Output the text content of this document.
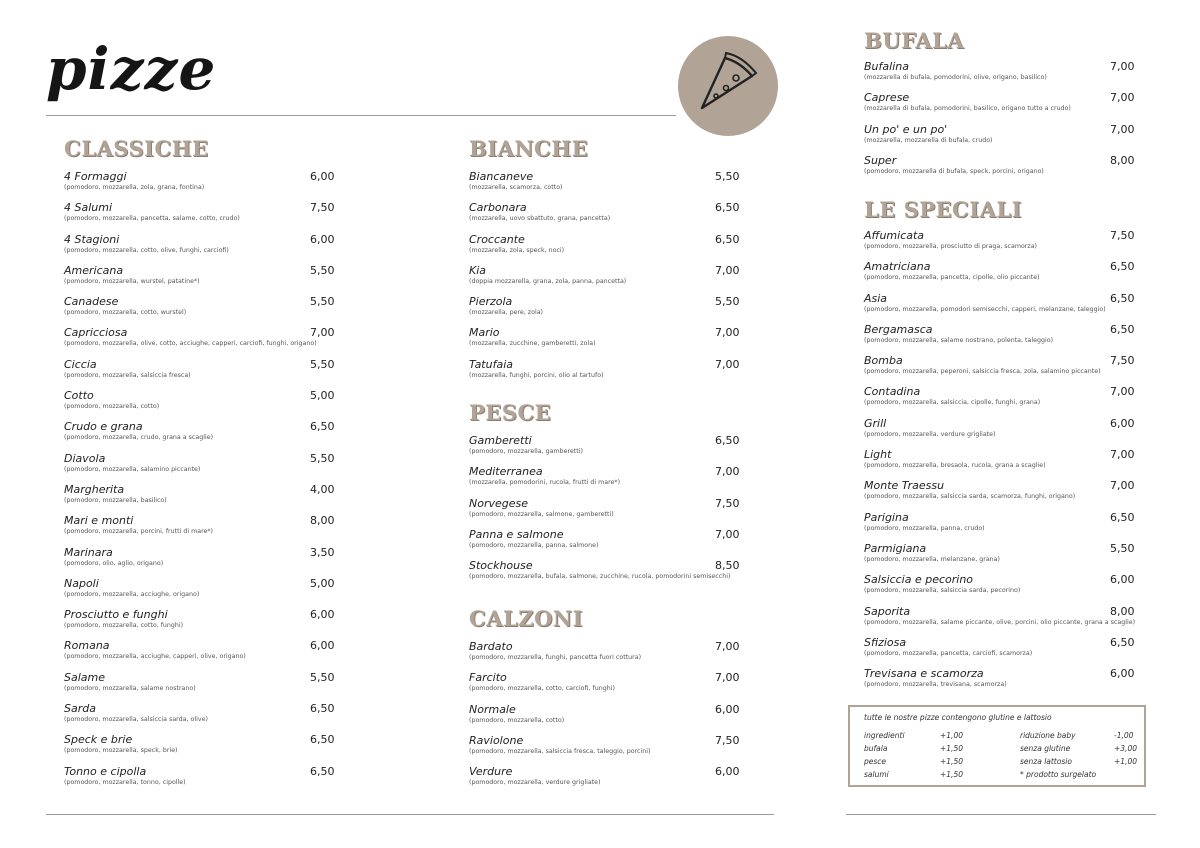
pizze
CLASSICHE
4 Formaggi
(pomodoro, mozzarella, zola, grana, fontina)
6,00
4 Salumi
(pomodoro, mozzarella, pancetta, salame, cotto, crudo)
7,50
4 Stagioni
(pomodoro, mozzarella, cotto, olive, funghi, carciofi)
6,00
Americana
(pomodoro, mozzarella, wurstel, patatine*)
5,50
Canadese
(pomodoro, mozzarella, cotto, wurstel)
5,50
Capricciosa
(pomodoro, mozzarella, olive, cotto, acciughe, capperi, carciofi, funghi, origano)
7,00
Ciccia
(pomodoro, mozzarella, salsiccia fresca)
5,50
Cotto
(pomodoro, mozzarella, cotto)
5,00
Crudo e grana
(pomodoro, mozzarella, crudo, grana a scaglie)
6,50
Diavola
(pomodoro, mozzarella, salamino piccante)
5,50
Margherita
(pomodoro, mozzarella, basilico)
4,00
Mari e monti
(pomodoro, mozzarella, porcini, frutti di mare*)
8,00
Marinara
(pomodoro, olio, aglio, origano)
3,50
Napoli
(pomodoro, mozzarella, acciughe, origano)
5,00
Prosciutto e funghi
(pomodoro, mozzarella, cotto, funghi)
6,00
Romana
(pomodoro, mozzarella, acciughe, capperi, olive, origano)
6,00
Salame
(pomodoro, mozzarella, salame nostrano)
5,50
Sarda
(pomodoro, mozzarella, salsiccia sarda, olive)
6,50
Speck e brie
(pomodoro, mozzarella, speck, brie)
6,50
Tonno e cipolla
(pomodoro, mozzarella, tonno, cipolle)
6,50
BIANCHE
Biancaneve
(mozzarella, scamorza, cotto)
5,50
Carbonara
(mozzarella, uovo sbattuto, grana, pancetta)
6,50
Croccante
(mozzarella, zola, speck, noci)
6,50
Kia
(doppia mozzarella, grana, zola, panna, pancetta)
7,00
Pierzola
(mozzarella, pere, zola)
5,50
Mario
(mozzarella, zucchine, gamberetti, zola)
7,00
Tatufaia
(mozzarella, funghi, porcini, olio al tartufo)
7,00
PESCE
Gamberetti
(pomodoro, mozzarella, gamberetti)
6,50
Mediterranea
(mozzarella, pomodorini, rucola, frutti di mare*)
7,00
Norvegese
(pomodoro, mozzarella, salmone, gamberetti)
7,50
Panna e salmone
(pomodoro, mozzarella, panna, salmone)
7,00
Stockhouse
(pomodoro, mozzarella, bufala, salmone, zucchine, rucola, pomodorini semisecchi)
8,50
CALZONI
Bardato
(pomodoro, mozzarella, funghi, pancetta fuori cottura)
7,00
Farcito
(pomodoro, mozzarella, cotto, carciofi, funghi)
7,00
Normale
(pomodoro, mozzarella, cotto)
6,00
Raviolone
(pomodoro, mozzarella, salsiccia fresca, taleggio, porcini)
7,50
Verdure
(pomodoro, mozzarella, verdure grigliate)
6,00
BUFALA
Bufalina
(mozzarella di bufala, pomodorini, olive, origano, basilico)
7,00
Caprese
(mozzarella di bufala, pomodorini, basilico, origano tutto a crudo)
7,00
Un po' e un po'
(mozzarella, mozzarella di bufala, crudo)
7,00
Super
(pomodoro, mozzarella di bufala, speck, porcini, origano)
8,00
LE SPECIALI
Affumicata
(pomodoro, mozzarella, prosciutto di praga, scamorza)
7,50
Amatriciana
(pomodoro, mozzarella, pancetta, cipolle, olio piccante)
6,50
Asia
(pomodoro, mozzarella, pomodori semisecchi, capperi, melanzane, taleggio)
6,50
Bergamasca
(pomodoro, mozzarella, salame nostrano, polenta, taleggio)
6,50
Bomba
(pomodoro, mozzarella, peperoni, salsiccia fresca, zola, salamino piccante)
7,50
Contadina
(pomodoro, mozzarella, salsiccia, cipolle, funghi, grana)
7,00
Grill
(pomodoro, mozzarella, verdure grigliate)
6,00
Light
(pomodoro, mozzarella, bresaola, rucola, grana a scaglie)
7,00
Monte Traessu
(pomodoro, mozzarella, salsiccia sarda, scamorza, funghi, origano)
7,00
Parigina
(pomodoro, mozzarella, panna, crudo)
6,50
Parmigiana
(pomodoro, mozzarella, melanzane, grana)
5,50
Salsiccia e pecorino
(pomodoro, mozzarella, salsiccia sarda, pecorino)
6,00
Saporita
(pomodoro, mozzarella, salame piccante, olive, porcini, olio piccante, grana a scaglie)
8,00
Sfiziosa
(pomodoro, mozzarella, pancetta, carciofi, scamorza)
6,50
Trevisana e scamorza
(pomodoro, mozzarella, trevisana, scamorza)
6,00
tutte le nostre pizze contengono glutine e lattosio
ingredienti	+1,00
bufala	+1,50
pesce	+1,50
salumi	+1,50
riduzione baby	-1,00
senza glutine	+3,00
senza lattosio	+1,00
* prodotto surgelato
